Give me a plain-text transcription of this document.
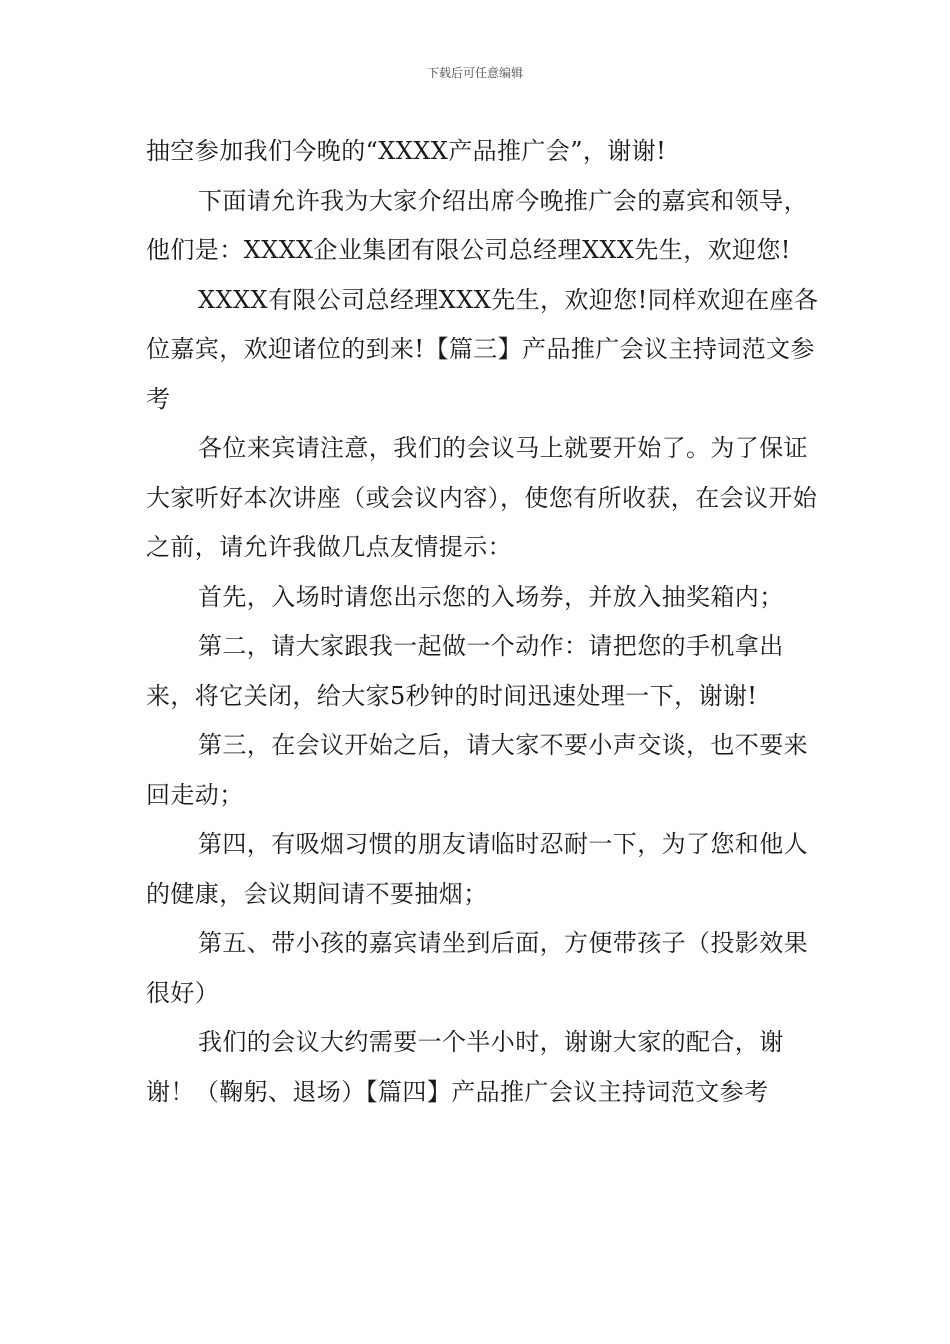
下载后可任意编辑

抽空参加我们今晚的“XXXX产品推广会”，谢谢!

下面请允许我为大家介绍出席今晚推广会的嘉宾和领导，他们是：XXXX企业集团有限公司总经理XXX先生，欢迎您!

XXXX有限公司总经理XXX先生，欢迎您!同样欢迎在座各位嘉宾，欢迎诸位的到来!【篇三】产品推广会议主持词范文参考

各位来宾请注意，我们的会议马上就要开始了。为了保证大家听好本次讲座（或会议内容），使您有所收获，在会议开始之前，请允许我做几点友情提示：

首先，入场时请您出示您的入场券，并放入抽奖箱内；

第二，请大家跟我一起做一个动作：请把您的手机拿出来，将它关闭，给大家5秒钟的时间迅速处理一下，谢谢!

第三，在会议开始之后，请大家不要小声交谈，也不要来回走动；

第四，有吸烟习惯的朋友请临时忍耐一下，为了您和他人的健康，会议期间请不要抽烟；

第五、带小孩的嘉宾请坐到后面，方便带孩子（投影效果很好）

我们的会议大约需要一个半小时，谢谢大家的配合，谢谢！（鞠躬、退场）【篇四】产品推广会议主持词范文参考
